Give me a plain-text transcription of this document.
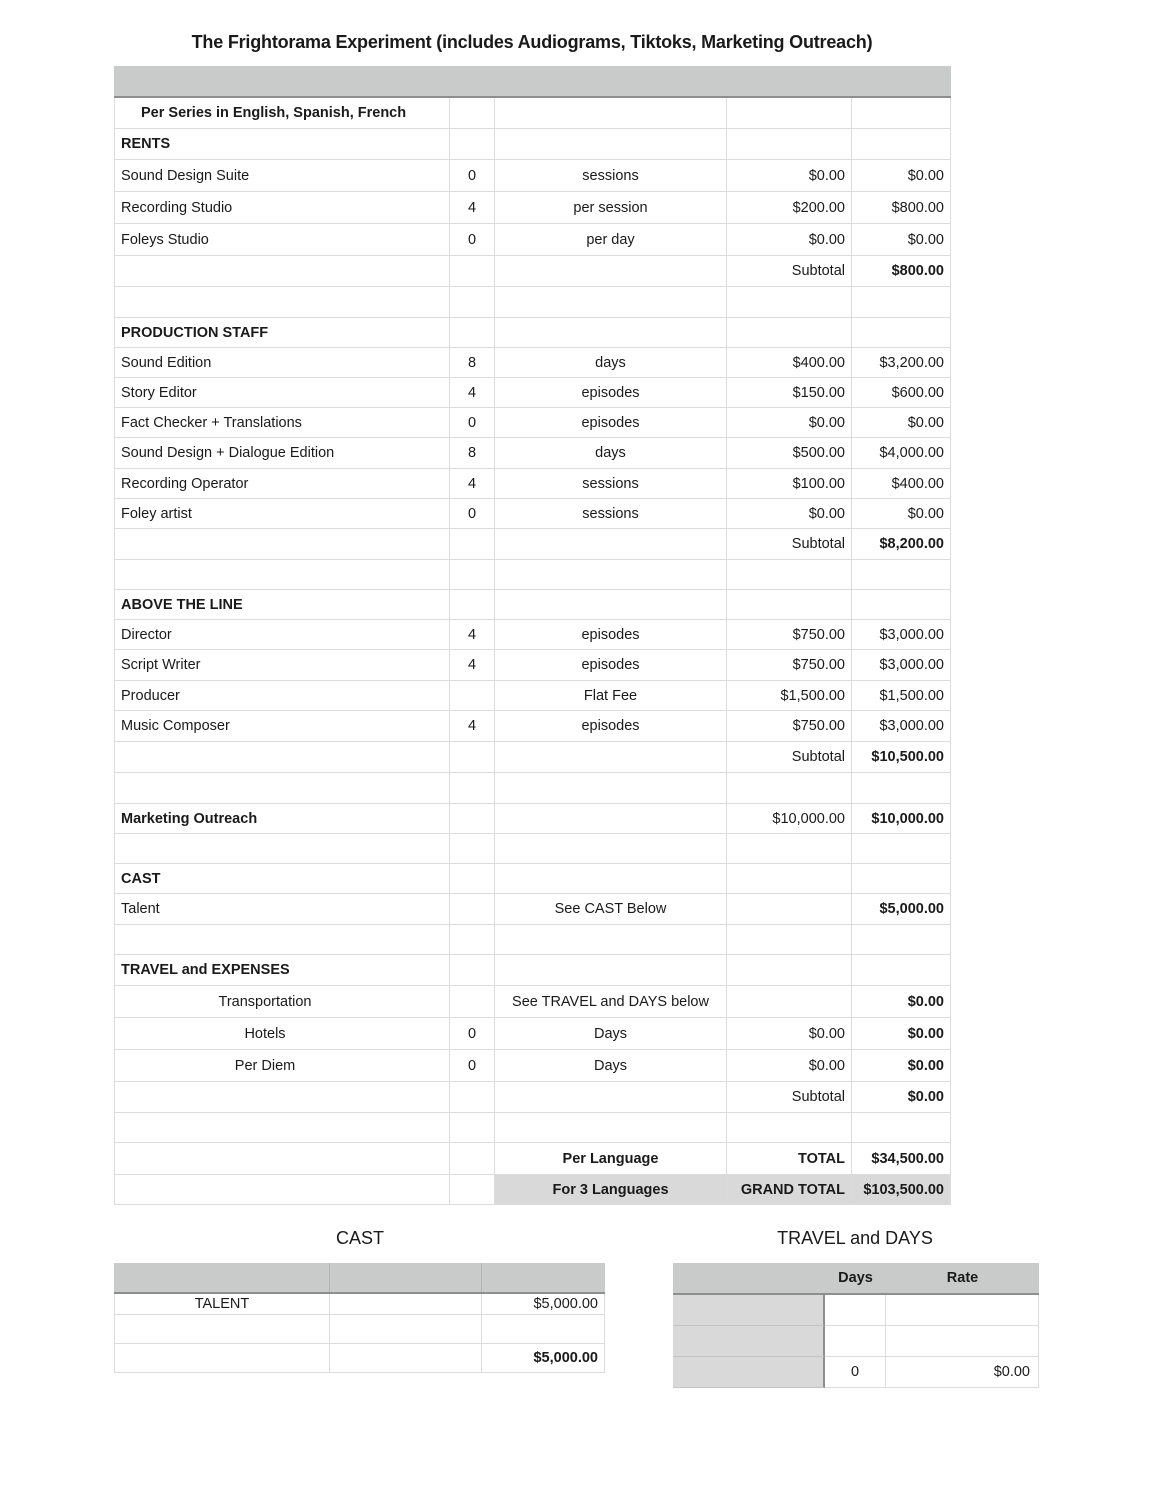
The Frightorama Experiment (includes Audiograms, Tiktoks, Marketing Outreach)
Per Series in English, Spanish, French
RENTS
Sound Design Suite	0	sessions	$0.00	$0.00
Recording Studio	4	per session	$200.00	$800.00
Foleys Studio	0	per day	$0.00	$0.00
Subtotal	$800.00
PRODUCTION STAFF
Sound Edition	8	days	$400.00	$3,200.00
Story Editor	4	episodes	$150.00	$600.00
Fact Checker + Translations	0	episodes	$0.00	$0.00
Sound Design + Dialogue Edition	8	days	$500.00	$4,000.00
Recording Operator	4	sessions	$100.00	$400.00
Foley artist	0	sessions	$0.00	$0.00
Subtotal	$8,200.00
ABOVE THE LINE
Director	4	episodes	$750.00	$3,000.00
Script Writer	4	episodes	$750.00	$3,000.00
Producer	Flat Fee	$1,500.00	$1,500.00
Music Composer	4	episodes	$750.00	$3,000.00
Subtotal	$10,500.00
Marketing Outreach	$10,000.00	$10,000.00
CAST
Talent	See CAST Below	$5,000.00
TRAVEL and EXPENSES
Transportation	See TRAVEL and DAYS below	$0.00
Hotels	0	Days	$0.00	$0.00
Per Diem	0	Days	$0.00	$0.00
Subtotal	$0.00
Per Language	TOTAL	$34,500.00
For 3 Languages	GRAND TOTAL	$103,500.00
CAST
TALENT	$5,000.00
$5,000.00
TRAVEL and DAYS
Days	Rate
0	$0.00
